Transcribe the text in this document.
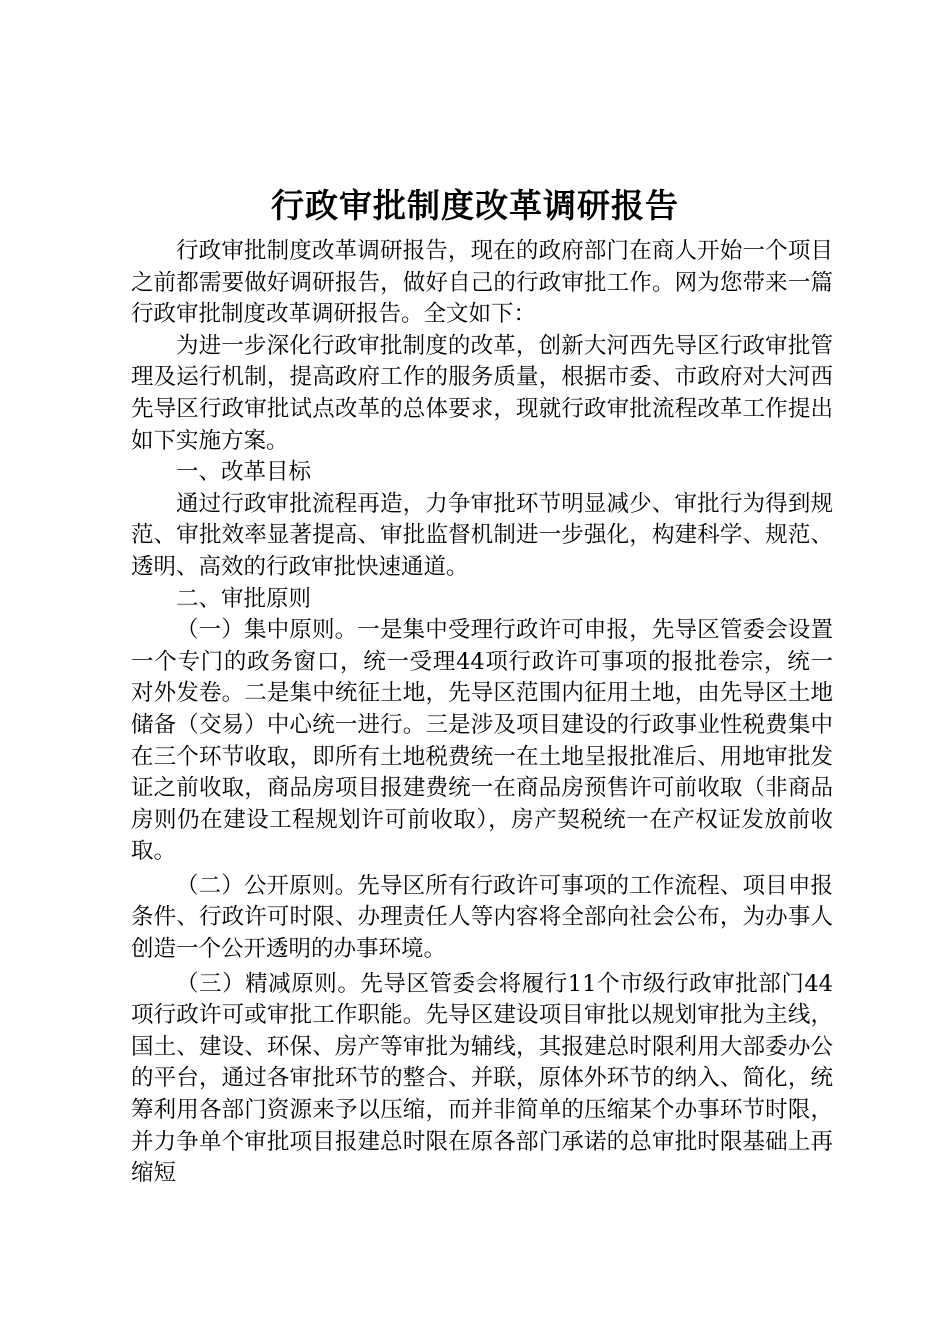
行政审批制度改革调研报告

行政审批制度改革调研报告，现在的政府部门在商人开始一个项目之前都需要做好调研报告，做好自己的行政审批工作。网为您带来一篇行政审批制度改革调研报告。全文如下：

为进一步深化行政审批制度的改革，创新大河西先导区行政审批管理及运行机制，提高政府工作的服务质量，根据市委、市政府对大河西先导区行政审批试点改革的总体要求，现就行政审批流程改革工作提出如下实施方案。

一、改革目标

通过行政审批流程再造，力争审批环节明显减少、审批行为得到规范、审批效率显著提高、审批监督机制进一步强化，构建科学、规范、透明、高效的行政审批快速通道。

二、审批原则

（一）集中原则。一是集中受理行政许可申报，先导区管委会设置一个专门的政务窗口，统一受理44项行政许可事项的报批卷宗，统一对外发卷。二是集中统征土地，先导区范围内征用土地，由先导区土地储备（交易）中心统一进行。三是涉及项目建设的行政事业性税费集中在三个环节收取，即所有土地税费统一在土地呈报批准后、用地审批发证之前收取，商品房项目报建费统一在商品房预售许可前收取（非商品房则仍在建设工程规划许可前收取），房产契税统一在产权证发放前收取。

（二）公开原则。先导区所有行政许可事项的工作流程、项目申报条件、行政许可时限、办理责任人等内容将全部向社会公布，为办事人创造一个公开透明的办事环境。

（三）精减原则。先导区管委会将履行11个市级行政审批部门44项行政许可或审批工作职能。先导区建设项目审批以规划审批为主线，国土、建设、环保、房产等审批为辅线，其报建总时限利用大部委办公的平台，通过各审批环节的整合、并联，原体外环节的纳入、简化，统筹利用各部门资源来予以压缩，而并非简单的压缩某个办事环节时限，并力争单个审批项目报建总时限在原各部门承诺的总审批时限基础上再缩短
